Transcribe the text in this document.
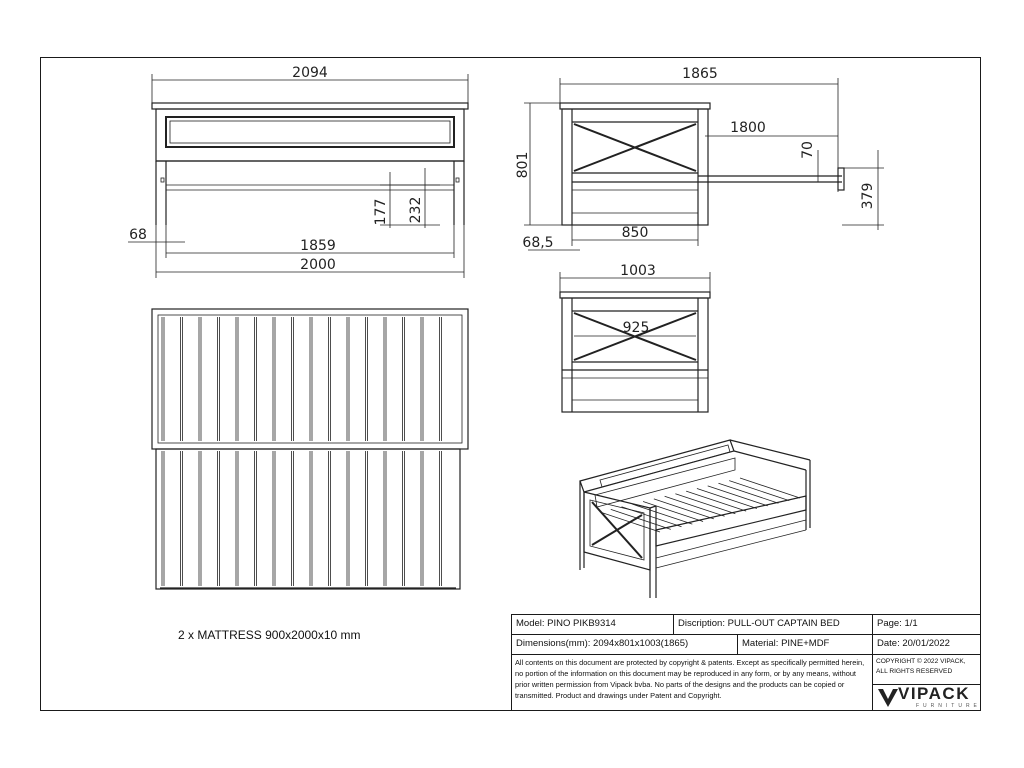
2094
1859
2000
68
177 232
1865
1800
801
70
379
850
68,5
1003
925
2 x MATTRESS 900x2000x10 mm
Model: PINO PIKB9314	Discription: PULL-OUT CAPTAIN BED	Page: 1/1
Dimensions(mm): 2094x801x1003(1865)	Material: PINE+MDF	Date: 20/01/2022
All contents on this document are protected by copyright & patents. Except as specifically permitted herein, no portion of the information on this document may be reproduced in any form, or by any means, without prior written permission from Vipack bvba. No parts of the designs and the products can be copied or transmitted. Product and drawings under Patent and Copyright.
COPYRIGHT © 2022 VIPACK, ALL RIGHTS RESERVED
VIPACK
FURNITURE
